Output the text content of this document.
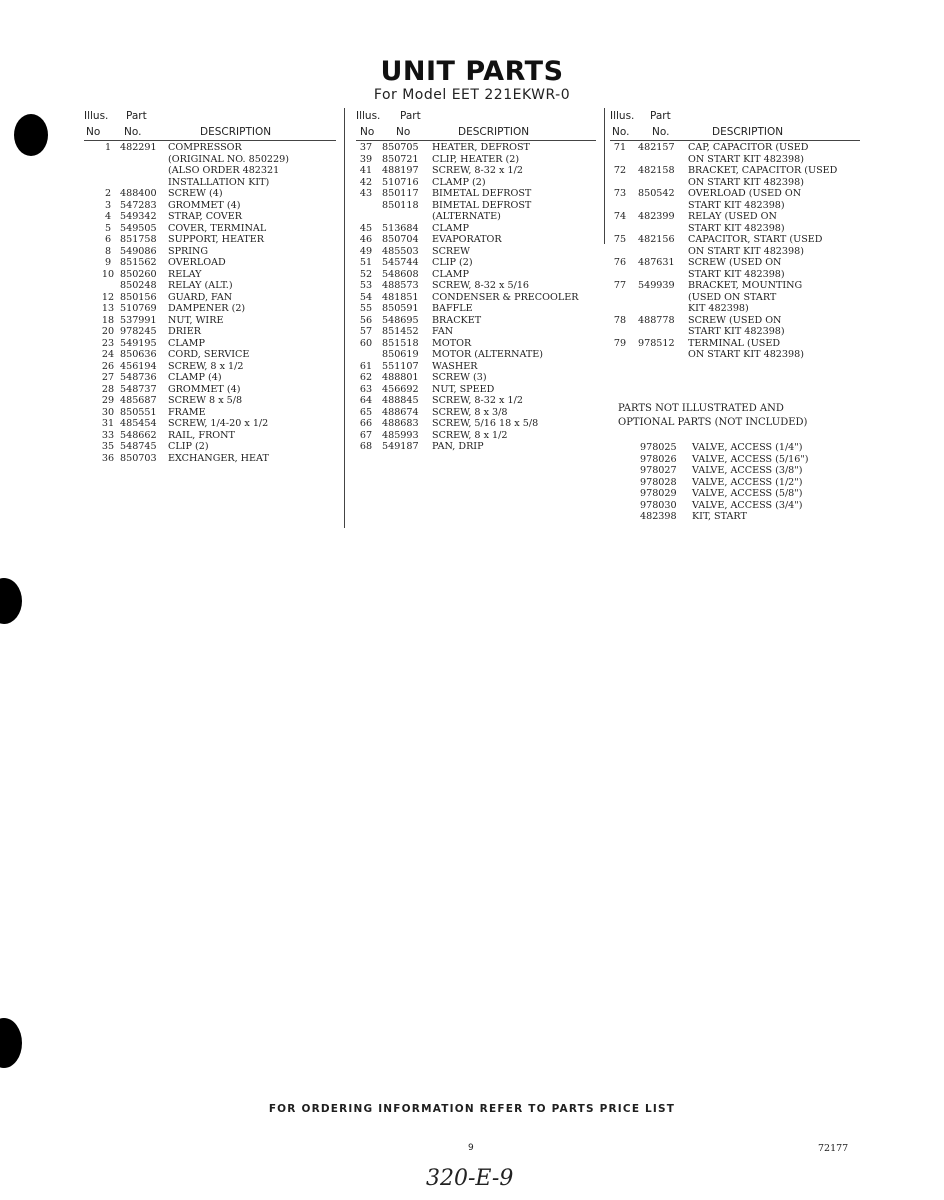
UNIT PARTS
For Model EET 221EKWR-0
Illus. Part
No No.	DESCRIPTION
1 482291 COMPRESSOR
(ORIGINAL NO. 850229)
(ALSO ORDER 482321
INSTALLATION KIT)
2 488400 SCREW (4)
3 547283 GROMMET (4)
4 549342 STRAP, COVER
5 549505 COVER, TERMINAL
6 851758 SUPPORT, HEATER
8 549086 SPRING
9 851562 OVERLOAD
10 850260 RELAY
850248 RELAY (ALT.)
12 850156 GUARD, FAN
13 510769 DAMPENER (2)
18 537991 NUT, WIRE
20 978245 DRIER
23 549195 CLAMP
24 850636 CORD, SERVICE
26 456194 SCREW, 8 x 1/2
27 548736 CLAMP (4)
28 548737 GROMMET (4)
29 485687 SCREW 8 x 5/8
30 850551 FRAME
31 485454 SCREW, 1/4-20 x 1/2
33 548662 RAIL, FRONT
35 548745 CLIP (2)
36 850703 EXCHANGER, HEAT
Illus. Part
No No	DESCRIPTION
37 850705 HEATER, DEFROST
39 850721 CLIP, HEATER (2)
41 488197 SCREW, 8-32 x 1/2
42 510716 CLAMP (2)
43 850117 BIMETAL DEFROST
850118 BIMETAL DEFROST
(ALTERNATE)
45 513684 CLAMP
46 850704 EVAPORATOR
49 485503 SCREW
51 545744 CLIP (2)
52 548608 CLAMP
53 488573 SCREW, 8-32 x 5/16
54 481851 CONDENSER & PRECOOLER
55 850591 BAFFLE
56 548695 BRACKET
57 851452 FAN
60 851518 MOTOR
850619 MOTOR (ALTERNATE)
61 551107 WASHER
62 488801 SCREW (3)
63 456692 NUT, SPEED
64 488845 SCREW, 8-32 x 1/2
65 488674 SCREW, 8 x 3/8
66 488683 SCREW, 5/16 18 x 5/8
67 485993 SCREW, 8 x 1/2
68 549187 PAN, DRIP
Illus. Part
No. No.	DESCRIPTION
71 482157 CAP, CAPACITOR (USED
ON START KIT 482398)
72 482158 BRACKET, CAPACITOR (USED
ON START KIT 482398)
73 850542 OVERLOAD (USED ON
START KIT 482398)
74 482399 RELAY (USED ON
START KIT 482398)
75 482156 CAPACITOR, START (USED
ON START KIT 482398)
76 487631 SCREW (USED ON
START KIT 482398)
77 549939 BRACKET, MOUNTING
(USED ON START
KIT 482398)
78 488778 SCREW (USED ON
START KIT 482398)
79 978512 TERMINAL (USED
ON START KIT 482398)
PARTS NOT ILLUSTRATED AND
OPTIONAL PARTS (NOT INCLUDED)
978025 VALVE, ACCESS (1/4")
978026 VALVE, ACCESS (5/16")
978027 VALVE, ACCESS (3/8")
978028 VALVE, ACCESS (1/2")
978029 VALVE, ACCESS (5/8")
978030 VALVE, ACCESS (3/4")
482398 KIT, START
FOR ORDERING INFORMATION REFER TO PARTS PRICE LIST
9	72177
320-E-9
